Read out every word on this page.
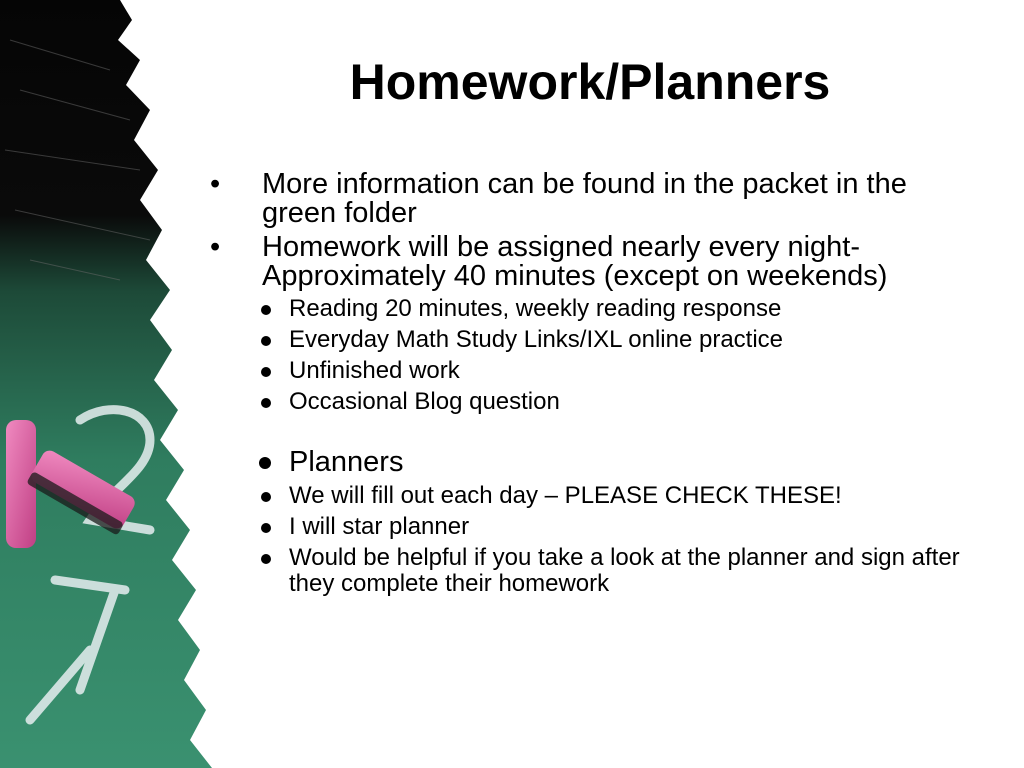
Homework/Planners
• More information can be found in the packet in the green folder
• Homework will be assigned nearly every night- Approximately 40 minutes (except on weekends)
Reading 20 minutes, weekly reading response
Everyday Math Study Links/IXL online practice
Unfinished work
Occasional Blog question
Planners
We will fill out each day – PLEASE CHECK THESE!
I will star planner
Would be helpful if you take a look at the planner and sign after they complete their homework
